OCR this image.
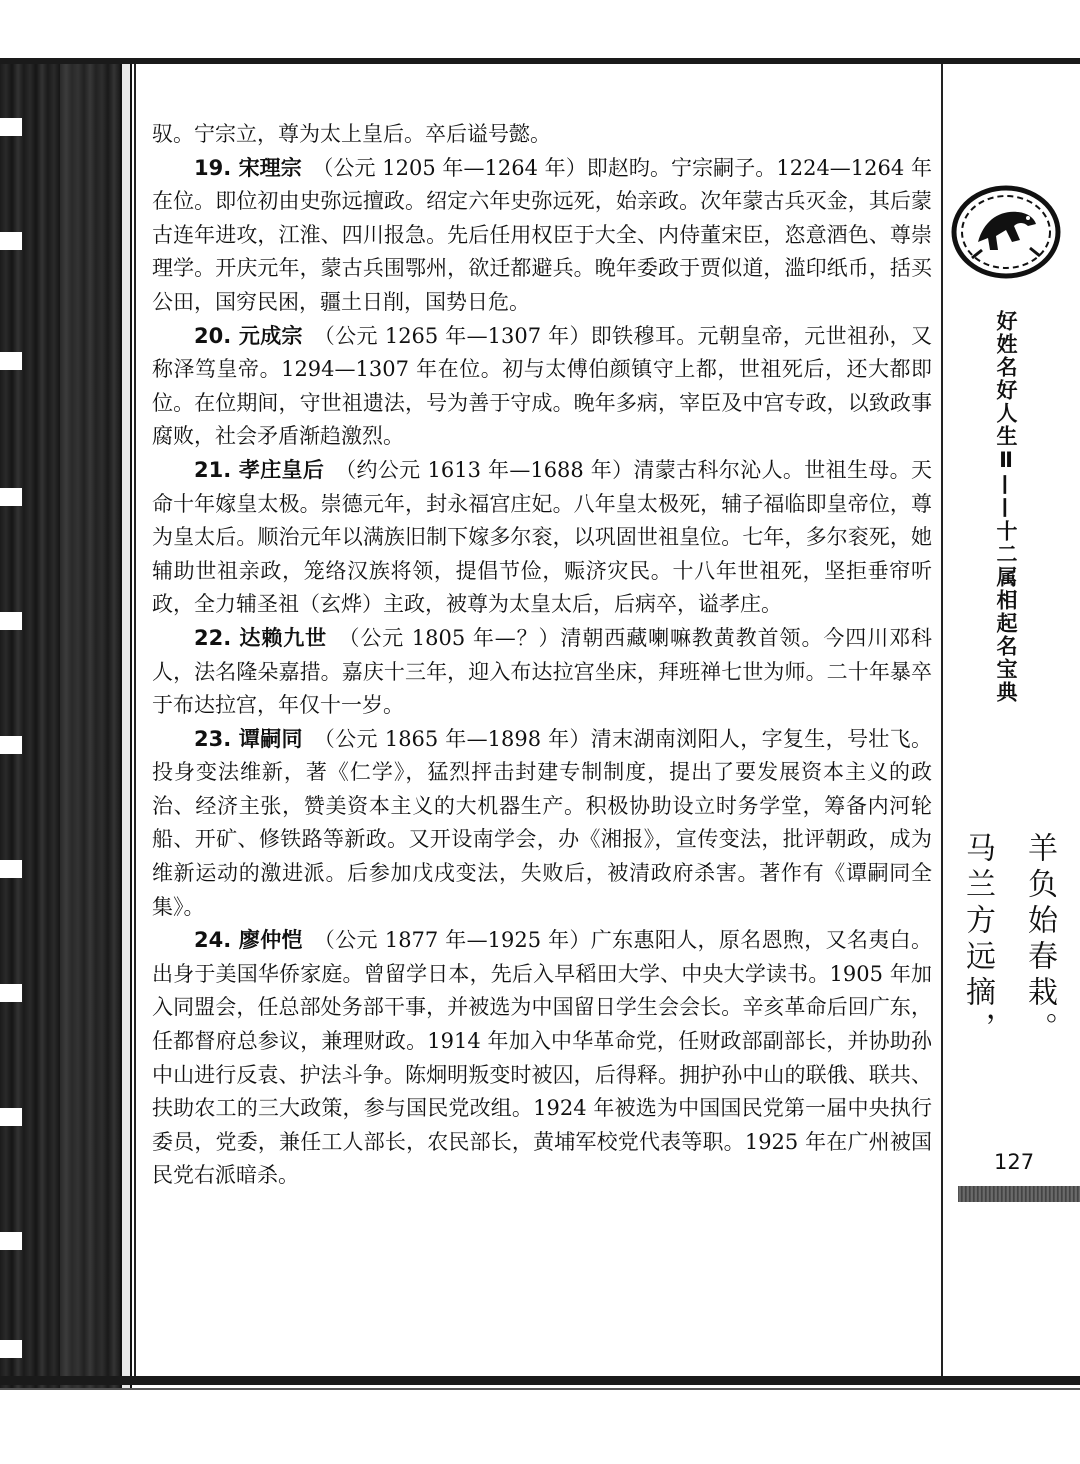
驭。宁宗立，尊为太上皇后。卒后谥号懿。

19. 宋理宗　 （公元 1205 年—1264 年）即赵昀。宁宗嗣子。1224—1264 年在位。即位初由史弥远擅政。绍定六年史弥远死，始亲政。次年蒙古兵灭金，其后蒙古连年进攻，江淮、四川报急。先后任用权臣于大全、内侍董宋臣，恣意酒色、尊崇理学。开庆元年，蒙古兵围鄂州，欲迁都避兵。晚年委政于贾似道，滥印纸币，括买公田，国穷民困，疆土日削，国势日危。

20. 元成宗　 （公元 1265 年—1307 年）即铁穆耳。元朝皇帝，元世祖孙，又称泽笃皇帝。1294—1307 年在位。初与太傅伯颜镇守上都，世祖死后，还大都即位。在位期间，守世祖遗法，号为善于守成。晚年多病，宰臣及中宫专政，以致政事腐败，社会矛盾渐趋激烈。

21. 孝庄皇后　 （约公元 1613 年—1688 年）清蒙古科尔沁人。世祖生母。天命十年嫁皇太极。崇德元年，封永福宫庄妃。八年皇太极死，辅子福临即皇帝位，尊为皇太后。顺治元年以满族旧制下嫁多尔衮，以巩固世祖皇位。七年，多尔衮死，她辅助世祖亲政，笼络汉族将领，提倡节俭，赈济灾民。十八年世祖死，坚拒垂帘听政，全力辅圣祖（玄烨）主政，被尊为太皇太后，后病卒，谥孝庄。

22. 达赖九世　 （公元 1805 年—？）清朝西藏喇嘛教黄教首领。今四川邓科人，法名隆朵嘉措。嘉庆十三年，迎入布达拉宫坐床，拜班禅七世为师。二十年暴卒于布达拉宫，年仅十一岁。

23. 谭嗣同　 （公元 1865 年—1898 年）清末湖南浏阳人，字复生，号壮飞。投身变法维新，著《仁学》，猛烈抨击封建专制制度，提出了要发展资本主义的政治、经济主张，赞美资本主义的大机器生产。积极协助设立时务学堂，筹备内河轮船、开矿、修铁路等新政。又开设南学会，办《湘报》，宣传变法，批评朝政，成为维新运动的激进派。后参加戊戌变法，失败后，被清政府杀害。著作有《谭嗣同全集》。

24. 廖仲恺　 （公元 1877 年—1925 年）广东惠阳人，原名恩煦，又名夷白。出身于美国华侨家庭。曾留学日本，先后入早稻田大学、中央大学读书。1905 年加入同盟会，任总部处务部干事，并被选为中国留日学生会会长。辛亥革命后回广东，任都督府总参议，兼理财政。1914 年加入中华革命党，任财政部副部长，并协助孙中山进行反袁、护法斗争。陈炯明叛变时被囚，后得释。拥护孙中山的联俄、联共、扶助农工的三大政策，参与国民党改组。1924 年被选为中国国民党第一届中央执行委员，党委，兼任工人部长，农民部长，黄埔军校党代表等职。1925 年在广州被国民党右派暗杀。

好姓名好人生Ⅱ——十二属相起名宝典
羊负始春栽。
马兰方远摘，
127
